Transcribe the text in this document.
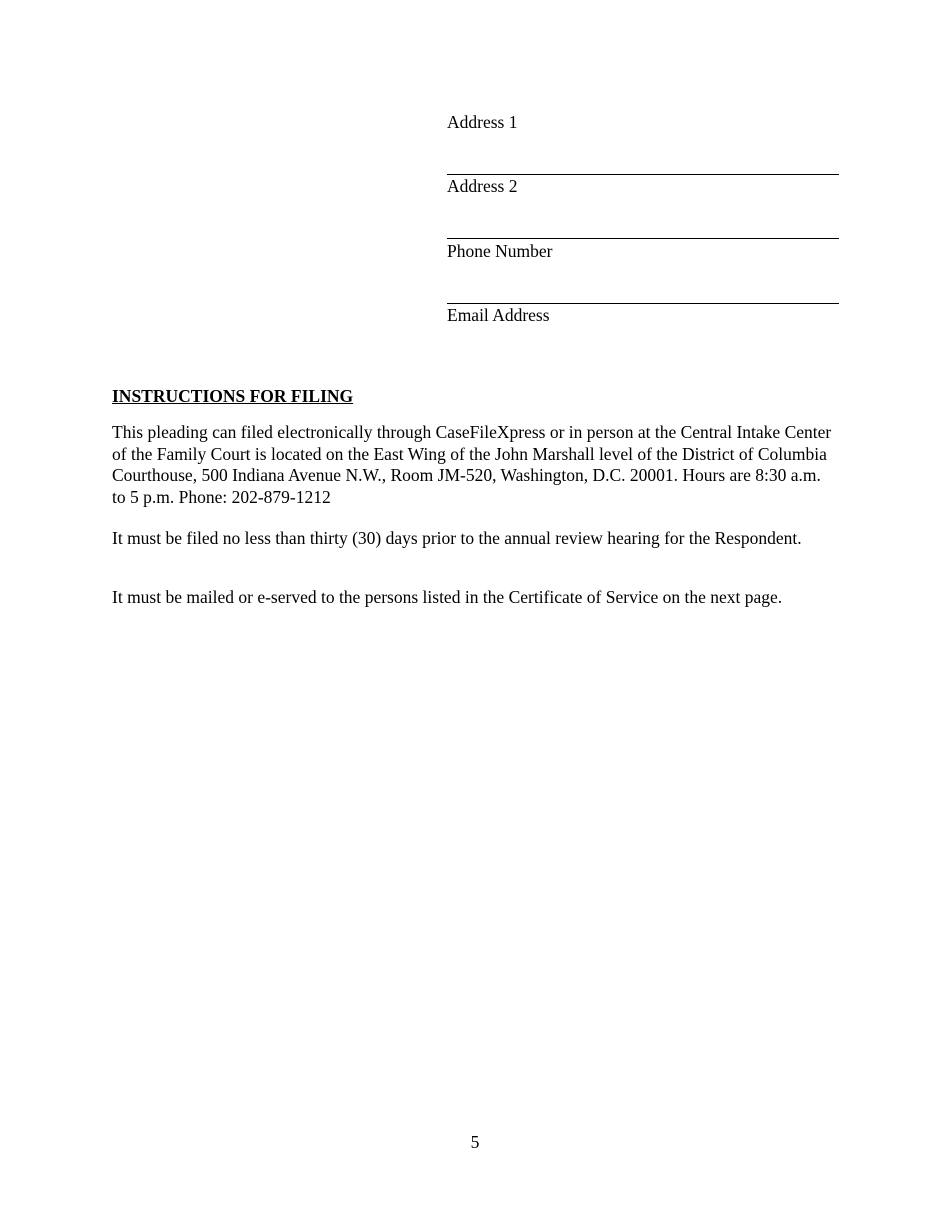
Address 1
Address 2
Phone Number
Email Address
INSTRUCTIONS FOR FILING

This pleading can filed electronically through CaseFileXpress or in person at the Central Intake Center of the Family Court is located on the East Wing of the John Marshall level of the District of Columbia Courthouse, 500 Indiana Avenue N.W., Room JM-520, Washington, D.C. 20001. Hours are 8:30 a.m. to 5 p.m. Phone: 202-879-1212

It must be filed no less than thirty (30) days prior to the annual review hearing for the Respondent.

It must be mailed or e-served to the persons listed in the Certificate of Service on the next page.

5
